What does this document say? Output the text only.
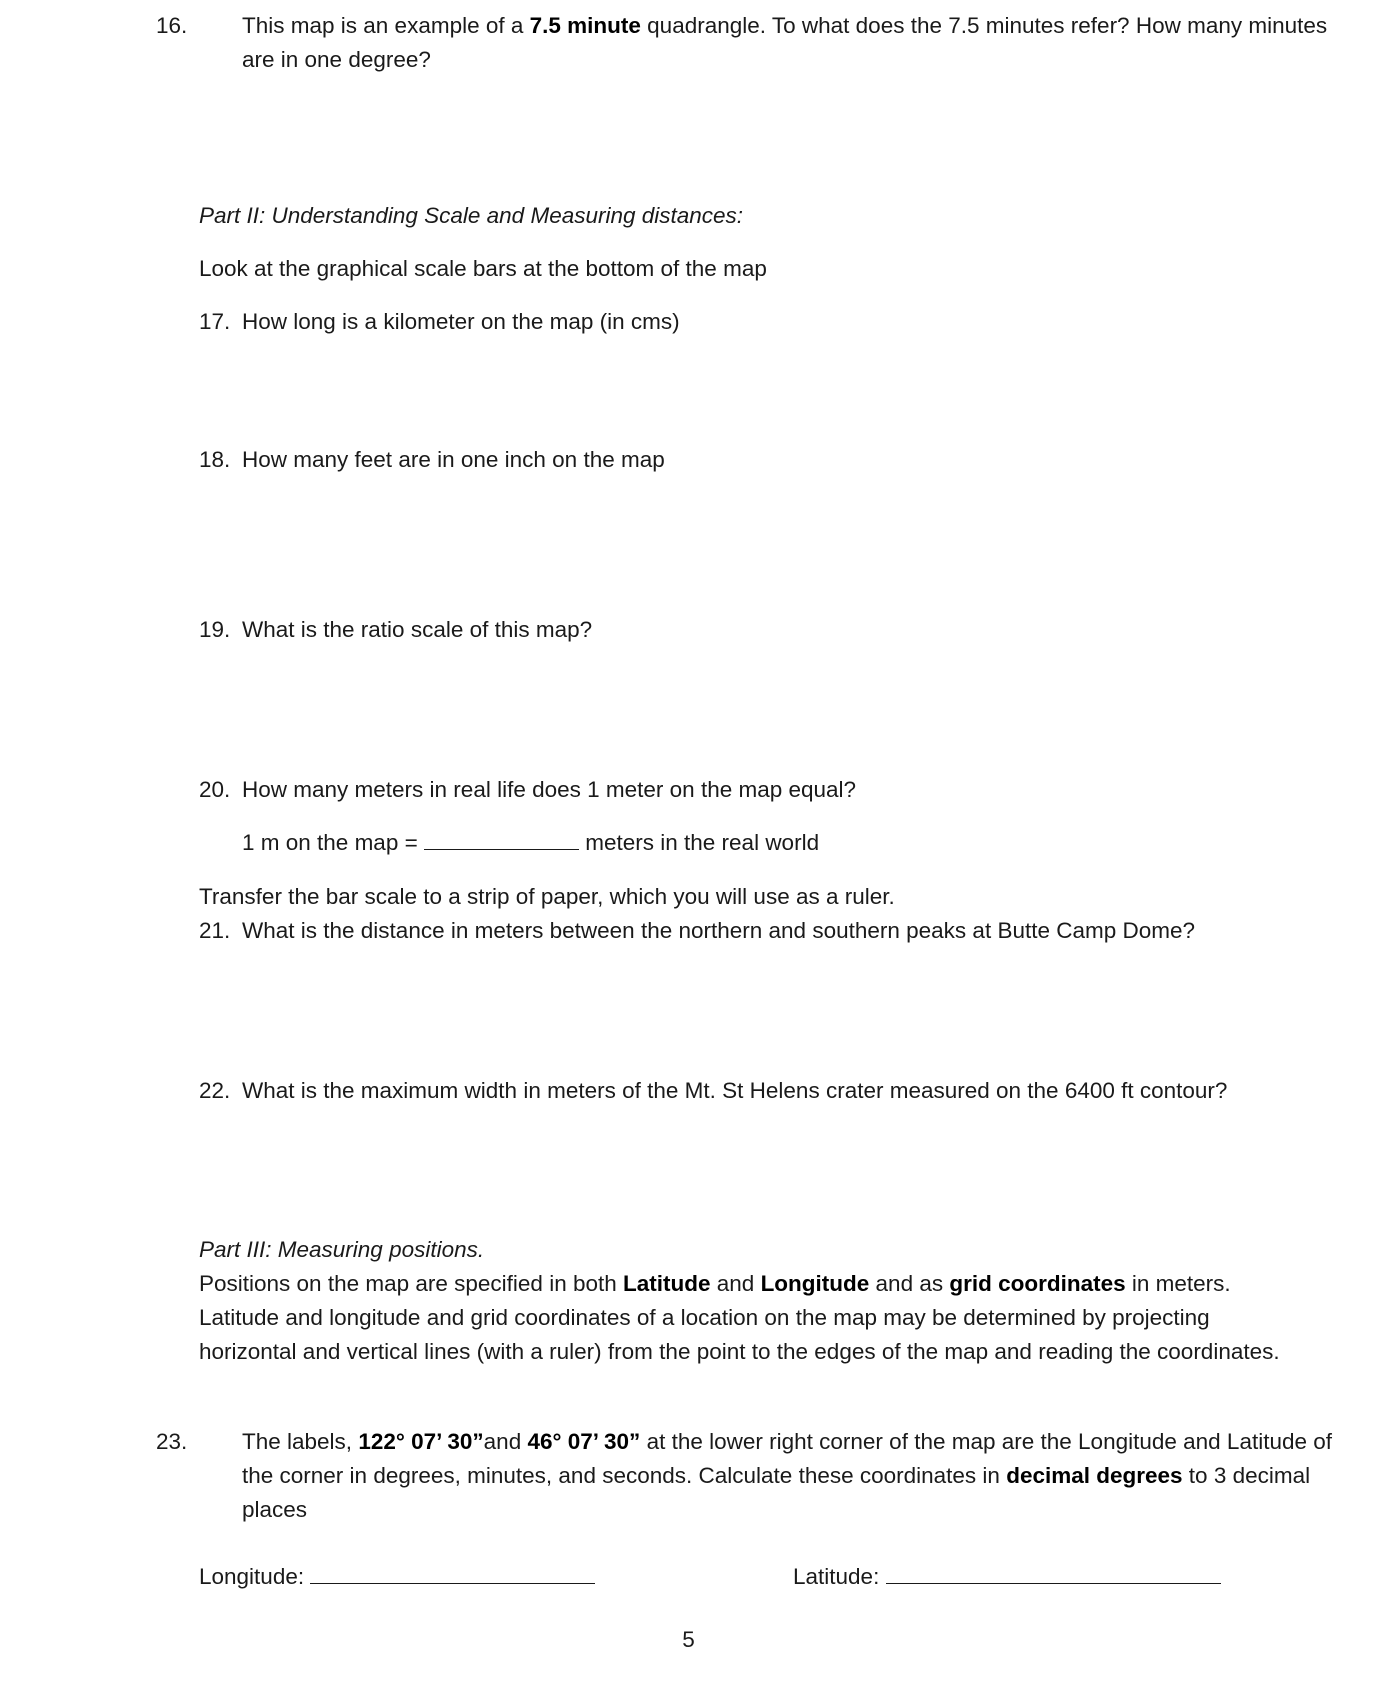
16. This map is an example of a 7.5 minute quadrangle. To what does the 7.5 minutes refer? How many minutes are in one degree?
Part II: Understanding Scale and Measuring distances:
Look at the graphical scale bars at the bottom of the map
17. How long is a kilometer on the map (in cms)
18. How many feet are in one inch on the map
19. What is the ratio scale of this map?
20. How many meters in real life does 1 meter on the map equal?
1 m on the map =	meters in the real world
Transfer the bar scale to a strip of paper, which you will use as a ruler.
21. What is the distance in meters between the northern and southern peaks at Butte Camp Dome?
22. What is the maximum width in meters of the Mt. St Helens crater measured on the 6400 ft contour?
Part III: Measuring positions.
Positions on the map are specified in both Latitude and Longitude and as grid coordinates in meters. Latitude and longitude and grid coordinates of a location on the map may be determined by projecting horizontal and vertical lines (with a ruler) from the point to the edges of the map and reading the coordinates.
23. The labels, 122° 07’ 30”and 46° 07’ 30” at the lower right corner of the map are the Longitude and Latitude of the corner in degrees, minutes, and seconds. Calculate these coordinates in decimal degrees to 3 decimal places
Longitude:	Latitude:
5
